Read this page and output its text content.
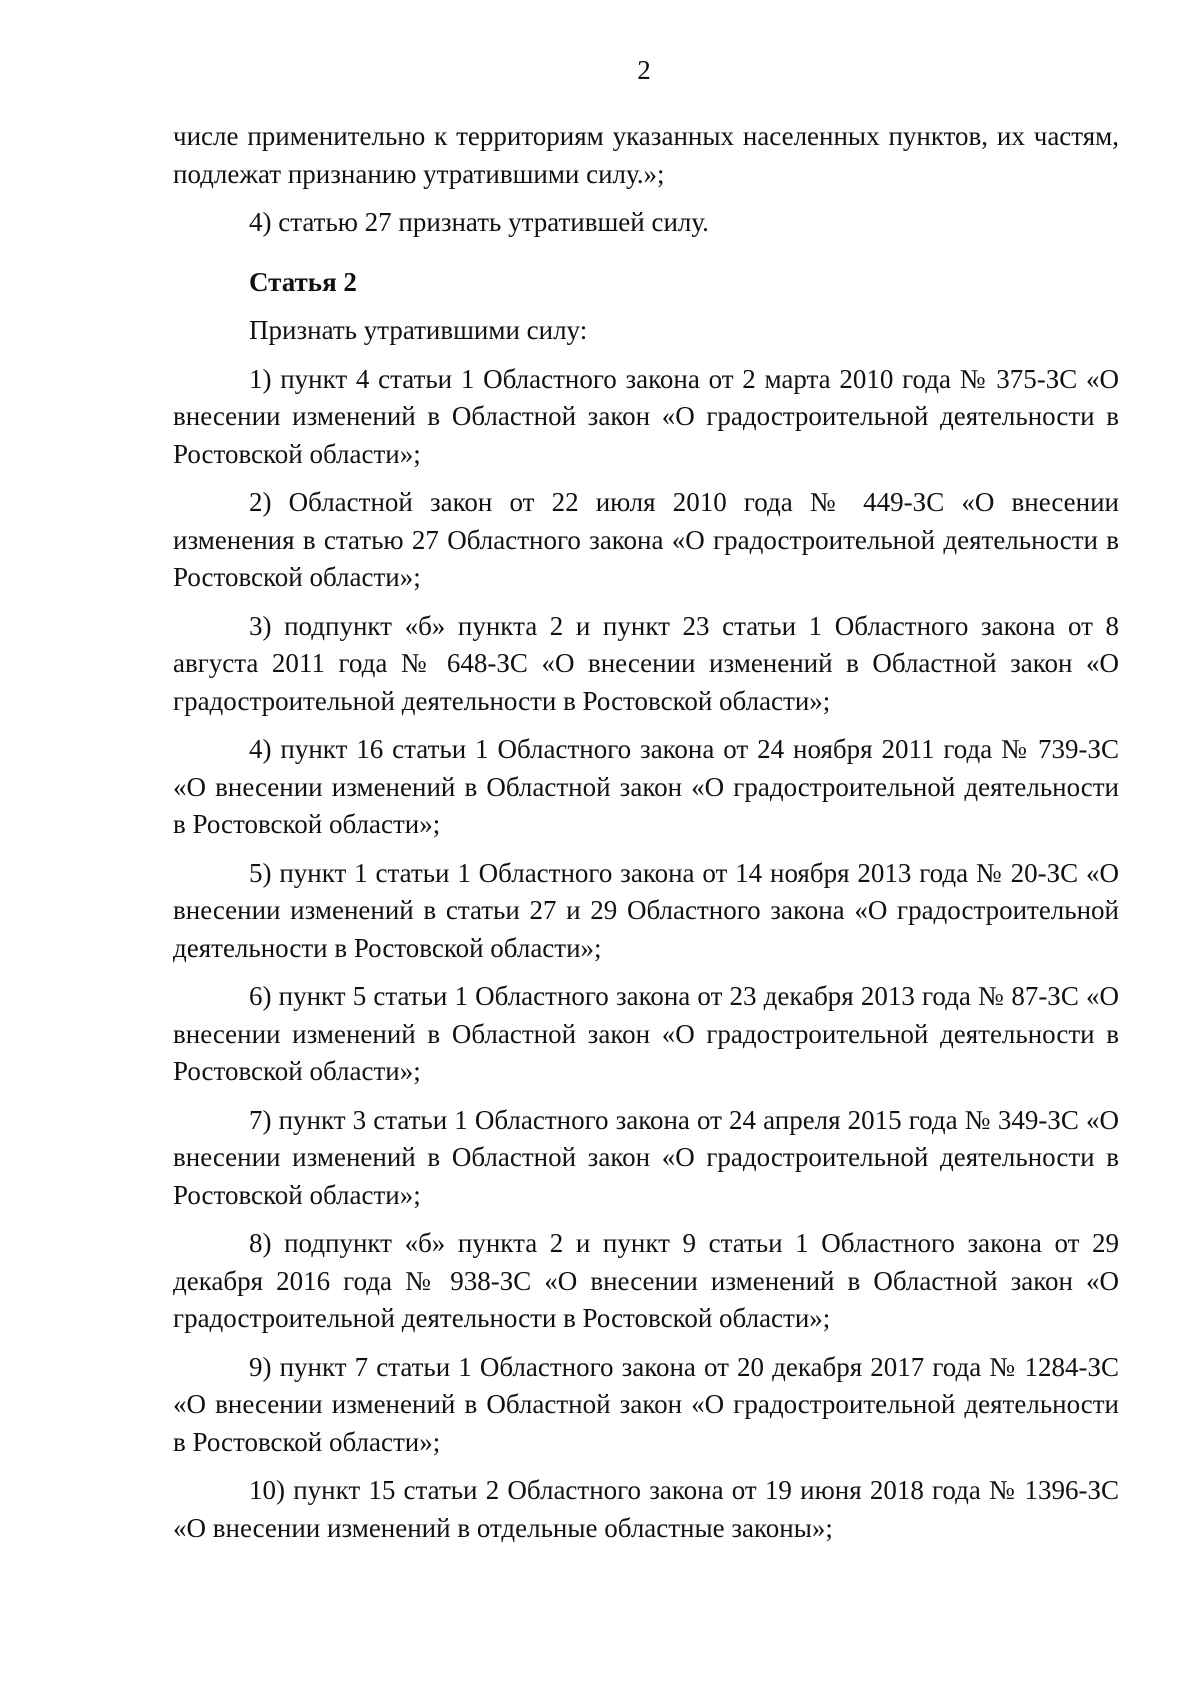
2

числе применительно к территориям указанных населенных пунктов, их частям, подлежат признанию утратившими силу.»;

4) статью 27 признать утратившей силу.

Статья 2

Признать утратившими силу:

1) пункт 4 статьи 1 Областного закона от 2 марта 2010 года № 375-ЗС «О внесении изменений в Областной закон «О градостроительной деятельности в Ростовской области»;

2) Областной закон от 22 июля 2010 года № 449-ЗС «О внесении изменения в статью 27 Областного закона «О градостроительной деятельности в Ростовской области»;

3) подпункт «б» пункта 2 и пункт 23 статьи 1 Областного закона от 8 августа 2011 года № 648-ЗС «О внесении изменений в Областной закон «О градостроительной деятельности в Ростовской области»;

4) пункт 16 статьи 1 Областного закона от 24 ноября 2011 года № 739-ЗС «О внесении изменений в Областной закон «О градостроительной деятельности в Ростовской области»;

5) пункт 1 статьи 1 Областного закона от 14 ноября 2013 года № 20-ЗС «О внесении изменений в статьи 27 и 29 Областного закона «О градостроительной деятельности в Ростовской области»;

6) пункт 5 статьи 1 Областного закона от 23 декабря 2013 года № 87-ЗС «О внесении изменений в Областной закон «О градостроительной деятельности в Ростовской области»;

7) пункт 3 статьи 1 Областного закона от 24 апреля 2015 года № 349-ЗС «О внесении изменений в Областной закон «О градостроительной деятельности в Ростовской области»;

8) подпункт «б» пункта 2 и пункт 9 статьи 1 Областного закона от 29 декабря 2016 года № 938-ЗС «О внесении изменений в Областной закон «О градостроительной деятельности в Ростовской области»;

9) пункт 7 статьи 1 Областного закона от 20 декабря 2017 года № 1284-ЗС «О внесении изменений в Областной закон «О градостроительной деятельности в Ростовской области»;

10) пункт 15 статьи 2 Областного закона от 19 июня 2018 года № 1396-ЗС «О внесении изменений в отдельные областные законы»;
